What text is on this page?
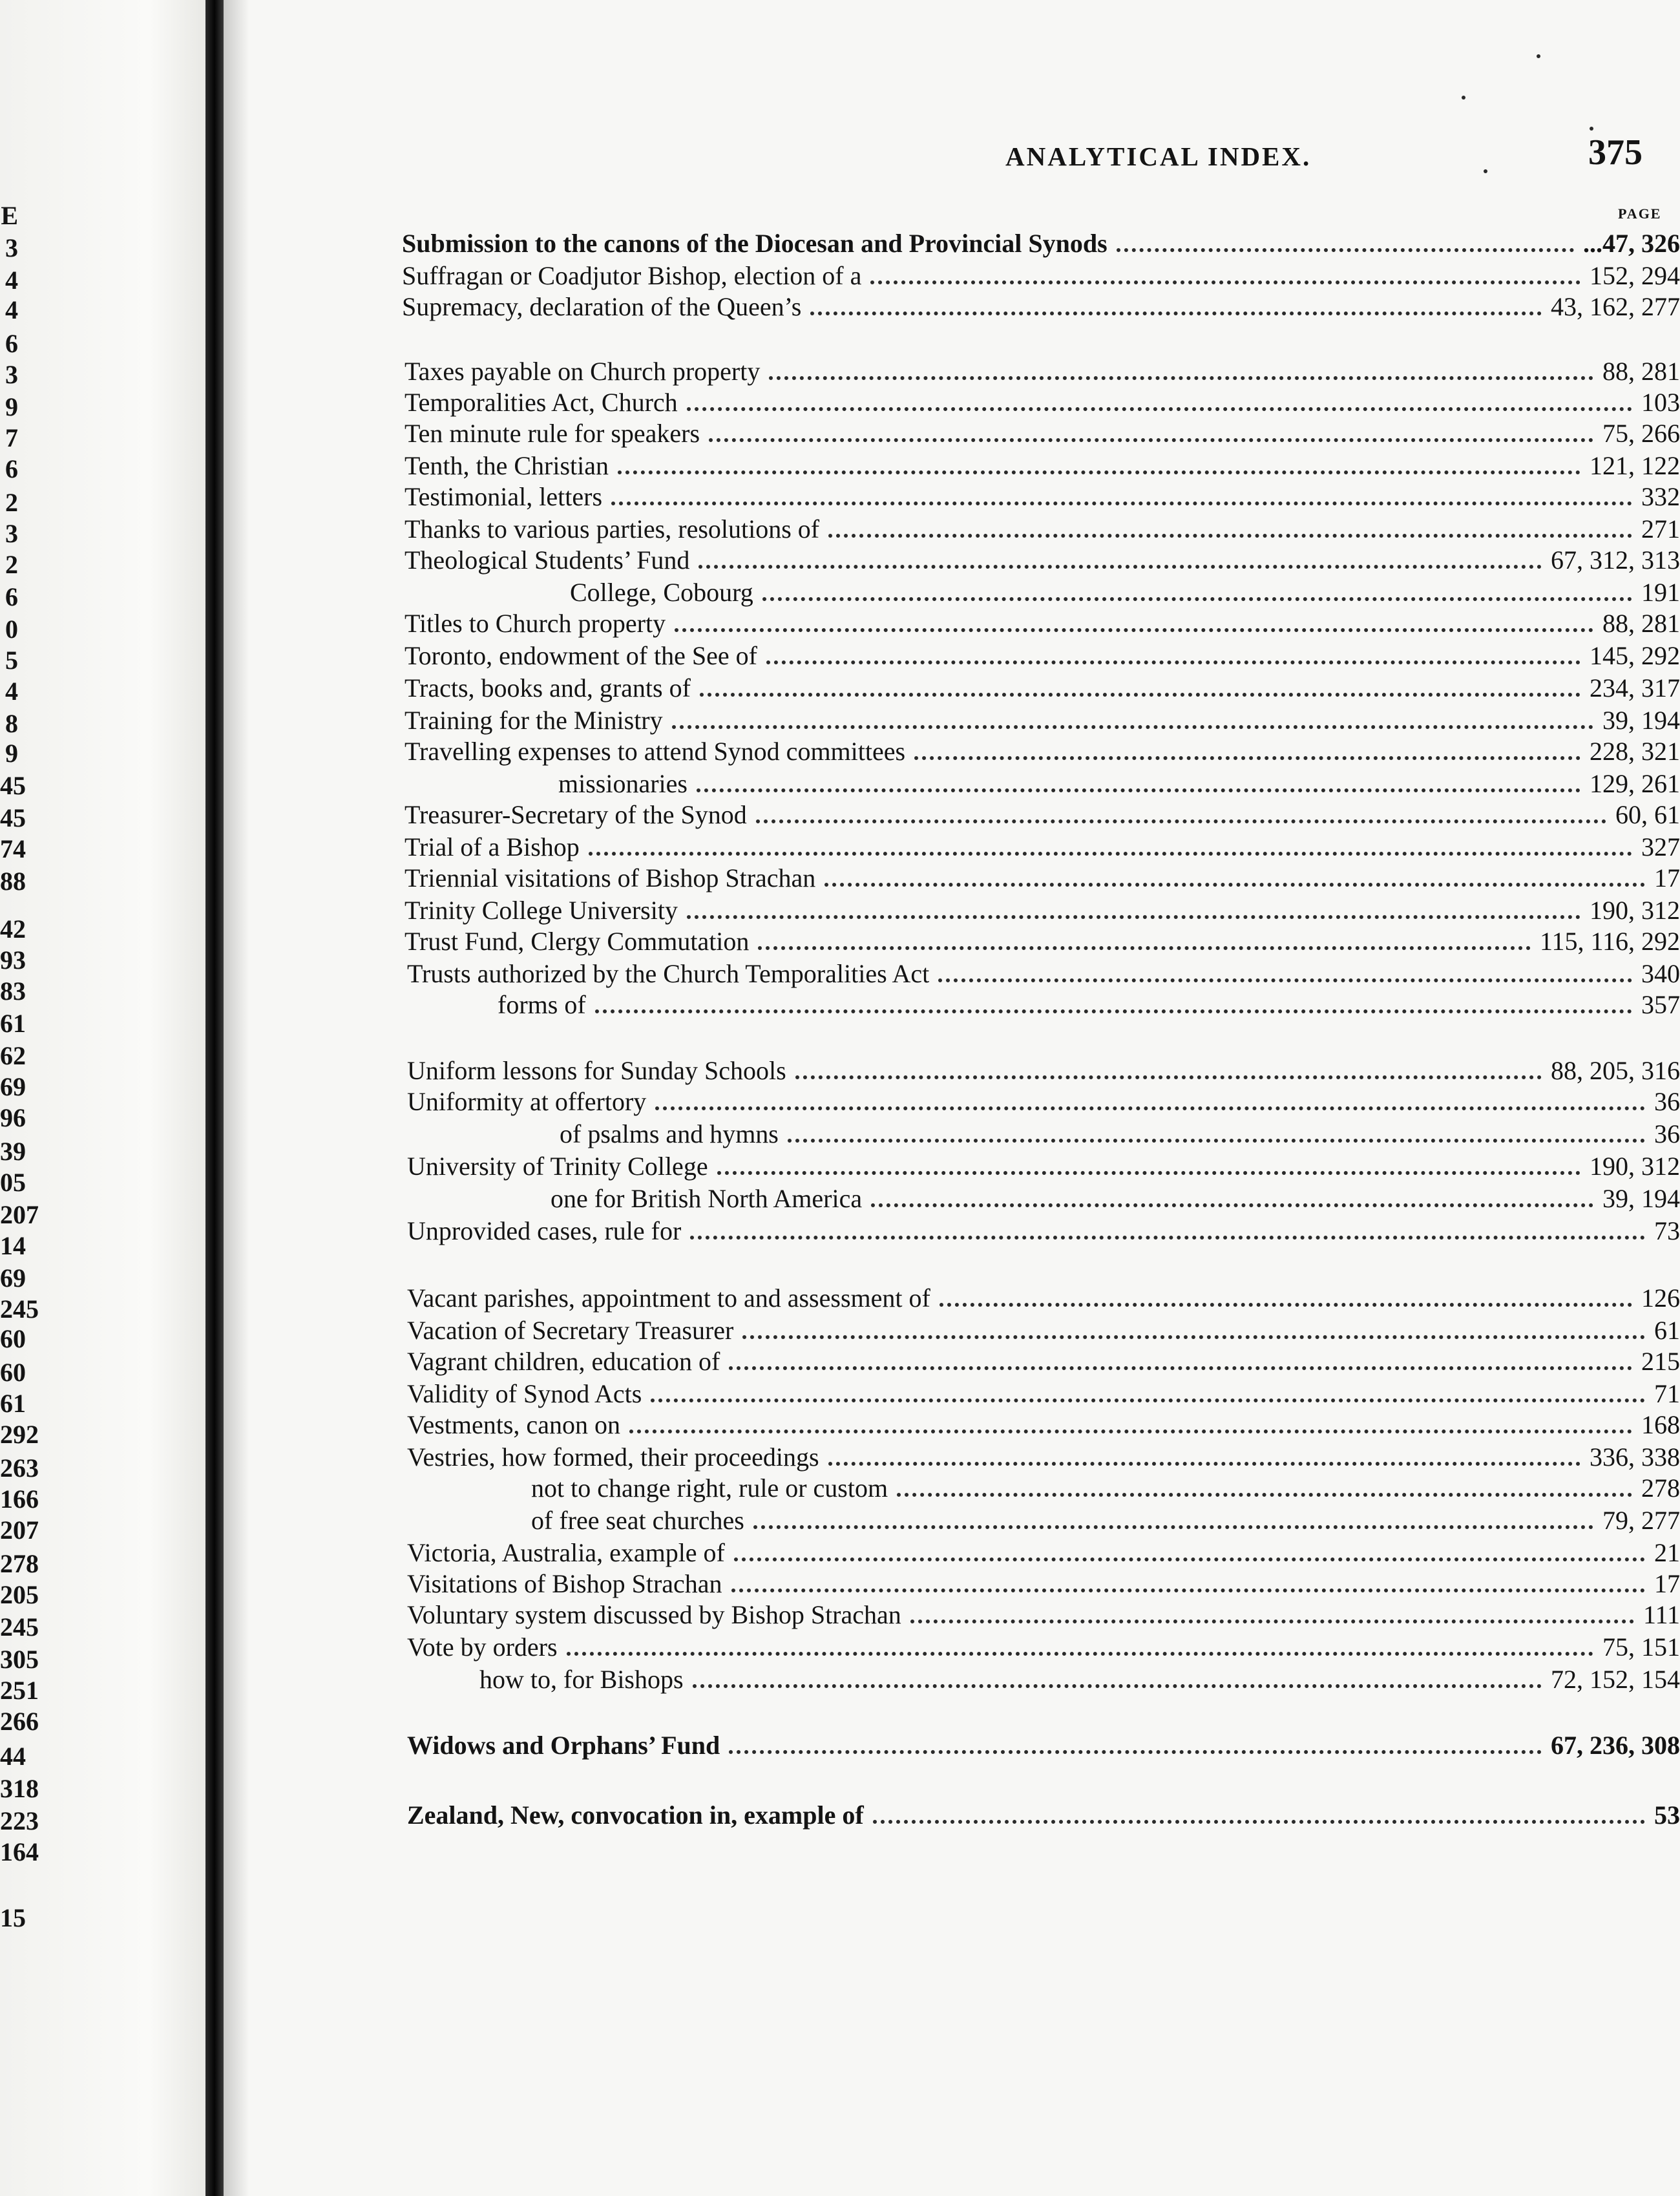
E
3
4
4
6
3
9
7
6
2
3
2
6
0
5
4
8
9
45
45
74
88
42
93
83
61
62
69
96
39
05
207
14
69
245
60
60
61
292
263
166
207
278
205
245
305
251
266
44
318
223
164
15
ANALYTICAL INDEX.	375
PAGE
Submission to the canons of the Diocesan and Provincial Synods	...47, 326
Suffragan or Coadjutor Bishop, election of a	152, 294
Supremacy, declaration of the Queen’s	43, 162, 277
Taxes payable on Church property	88, 281
Temporalities Act, Church	103
Ten minute rule for speakers	75, 266
Tenth, the Christian	121, 122
Testimonial, letters	332
Thanks to various parties, resolutions of	271
Theological Students’ Fund	67, 312, 313
College, Cobourg	191
Titles to Church property	88, 281
Toronto, endowment of the See of	145, 292
Tracts, books and, grants of	234, 317
Training for the Ministry	39, 194
Travelling expenses to attend Synod committees	228, 321
missionaries	129, 261
Treasurer-Secretary of the Synod	60, 61
Trial of a Bishop	327
Triennial visitations of Bishop Strachan	17
Trinity College University	190, 312
Trust Fund, Clergy Commutation	115, 116, 292
Trusts authorized by the Church Temporalities Act	340
forms of	357
Uniform lessons for Sunday Schools	88, 205, 316
Uniformity at offertory	36
of psalms and hymns	36
University of Trinity College	190, 312
one for British North America	39, 194
Unprovided cases, rule for	73
Vacant parishes, appointment to and assessment of	126
Vacation of Secretary Treasurer	61
Vagrant children, education of	215
Validity of Synod Acts	71
Vestments, canon on	168
Vestries, how formed, their proceedings	336, 338
not to change right, rule or custom	278
of free seat churches	79, 277
Victoria, Australia, example of	21
Visitations of Bishop Strachan	17
Voluntary system discussed by Bishop Strachan	111
Vote by orders	75, 151
how to, for Bishops	72, 152, 154
Widows and Orphans’ Fund	67, 236, 308
Zealand, New, convocation in, example of	53
